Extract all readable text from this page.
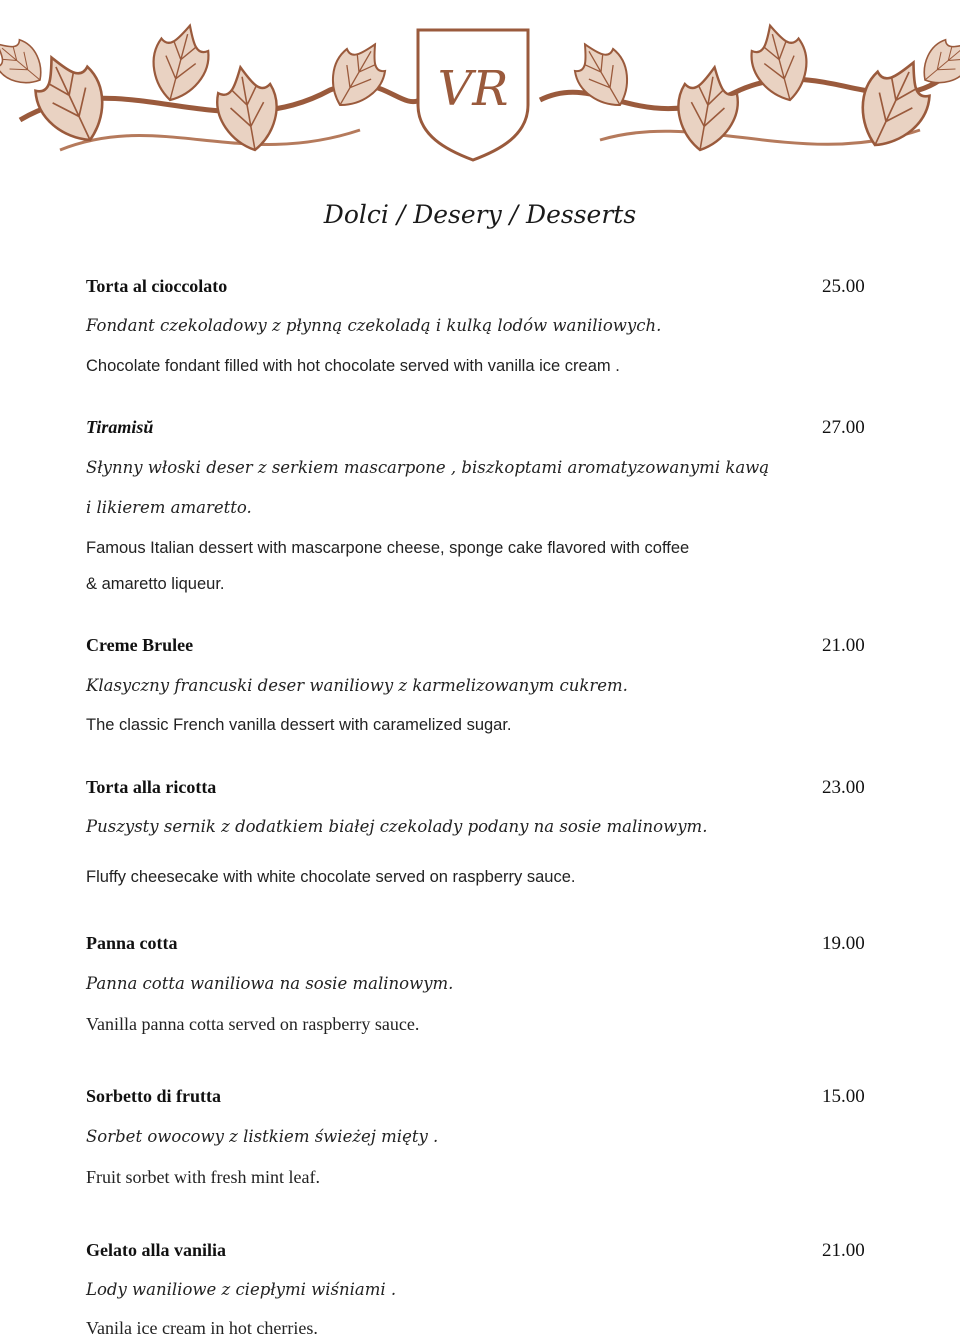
VR
Dolci / Desery / Desserts
Torta al cioccolato	25.00
Fondant czekoladowy z płynną czekoladą i kulką lodów waniliowych.
Chocolate fondant filled with hot chocolate served with vanilla ice cream .
Tiramisŭ	27.00
Słynny włoski deser z serkiem mascarpone , biszkoptami aromatyzowanymi kawą
i likierem amaretto.
Famous Italian dessert with mascarpone cheese, sponge cake flavored with coffee
& amaretto liqueur.
Creme Brulee	21.00
Klasyczny francuski deser waniliowy z karmelizowanym cukrem.
The classic French vanilla dessert with caramelized sugar.
Torta alla ricotta	23.00
Puszysty sernik z dodatkiem białej czekolady podany na sosie malinowym.
Fluffy cheesecake with white chocolate served on raspberry sauce.
Panna cotta	19.00
Panna cotta waniliowa na sosie malinowym.
Vanilla panna cotta served on raspberry sauce.
Sorbetto di frutta	15.00
Sorbet owocowy z listkiem świeżej mięty .
Fruit sorbet with fresh mint leaf.
Gelato alla vanilia	21.00
Lody waniliowe z ciepłymi wiśniami .
Vanila ice cream in hot cherries.
